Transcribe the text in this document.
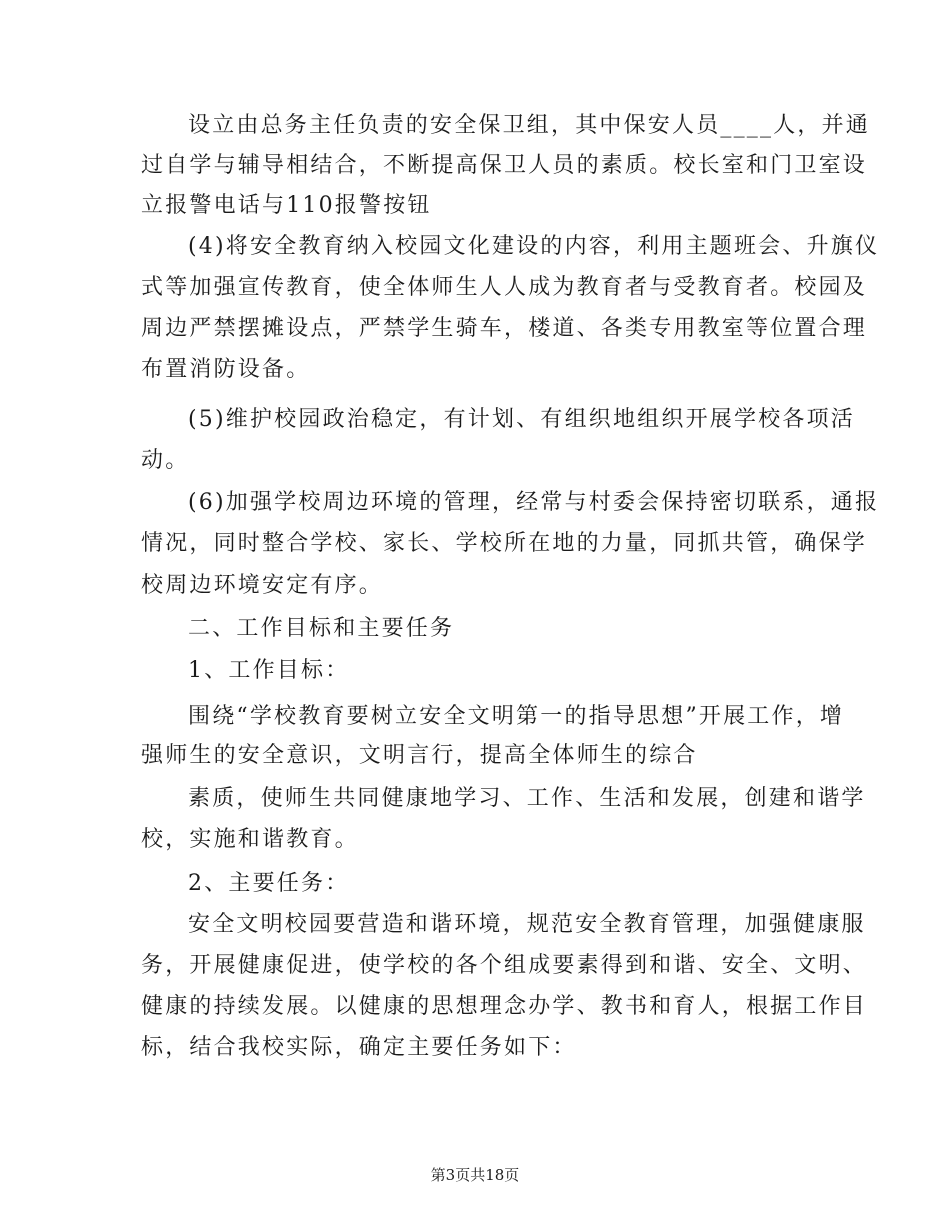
设立由总务主任负责的安全保卫组，其中保安人员____人，并通
过自学与辅导相结合，不断提高保卫人员的素质。校长室和门卫室设
立报警电话与110报警按钮
(4)将安全教育纳入校园文化建设的内容，利用主题班会、升旗仪
式等加强宣传教育，使全体师生人人成为教育者与受教育者。校园及
周边严禁摆摊设点，严禁学生骑车，楼道、各类专用教室等位置合理
布置消防设备。
(5)维护校园政治稳定，有计划、有组织地组织开展学校各项活
动。
(6)加强学校周边环境的管理，经常与村委会保持密切联系，通报
情况，同时整合学校、家长、学校所在地的力量，同抓共管，确保学
校周边环境安定有序。
二、工作目标和主要任务
1、工作目标：
围绕“学校教育要树立安全文明第一的指导思想”开展工作，增
强师生的安全意识，文明言行，提高全体师生的综合
素质，使师生共同健康地学习、工作、生活和发展，创建和谐学
校，实施和谐教育。
2、主要任务：
安全文明校园要营造和谐环境，规范安全教育管理，加强健康服
务，开展健康促进，使学校的各个组成要素得到和谐、安全、文明、
健康的持续发展。以健康的思想理念办学、教书和育人，根据工作目
标，结合我校实际，确定主要任务如下：
第3页共18页
